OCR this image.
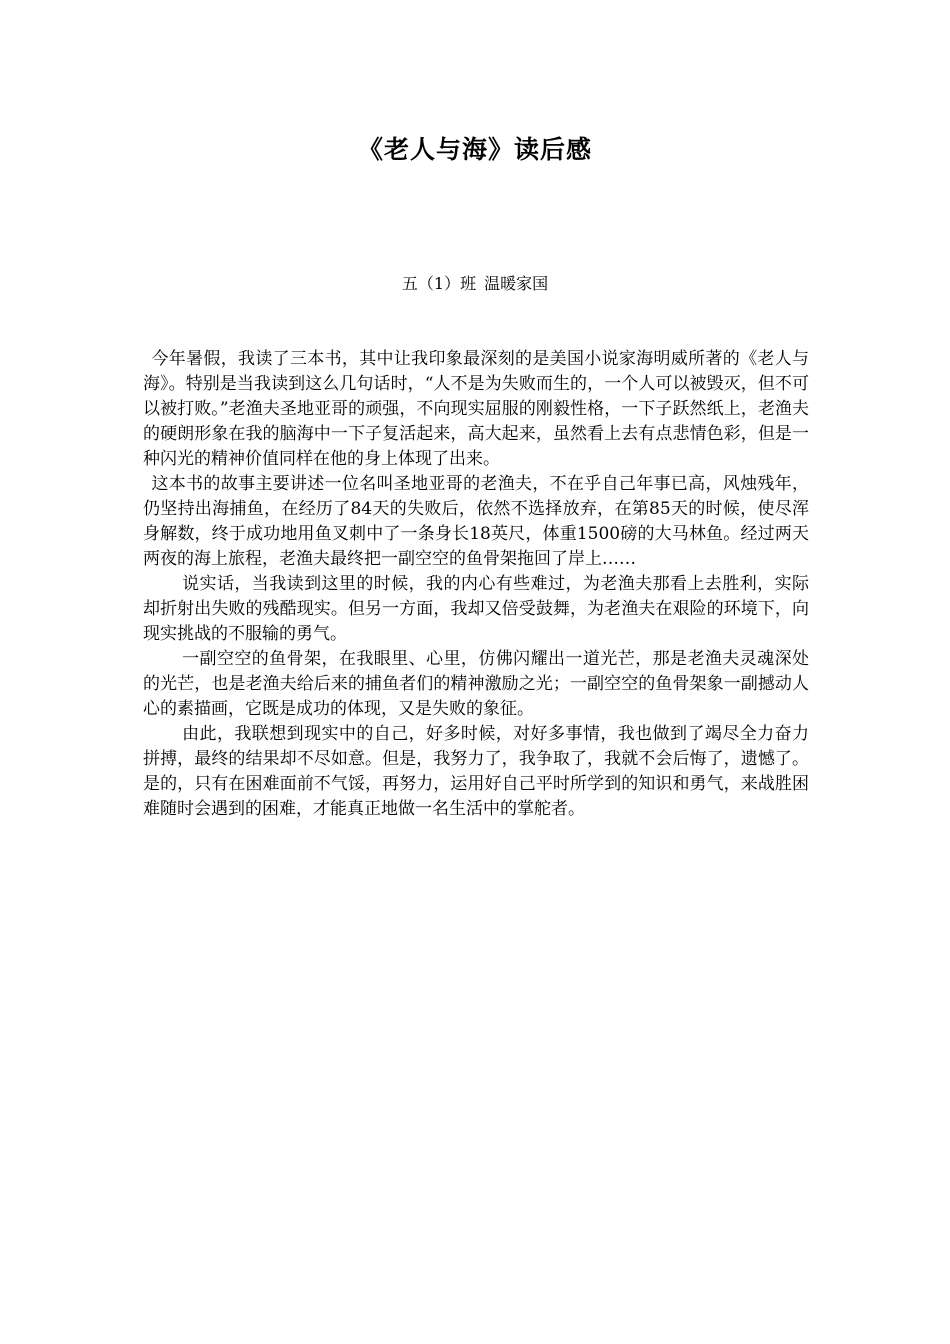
《老人与海》读后感
五（1）班 温暖家国

今年暑假，我读了三本书，其中让我印象最深刻的是美国小说家海明威所著的《老人与海》。特别是当我读到这么几句话时，“人不是为失败而生的，一个人可以被毁灭，但不可以被打败。”老渔夫圣地亚哥的顽强，不向现实屈服的刚毅性格，一下子跃然纸上，老渔夫的硬朗形象在我的脑海中一下子复活起来，高大起来，虽然看上去有点悲情色彩，但是一种闪光的精神价值同样在他的身上体现了出来。

这本书的故事主要讲述一位名叫圣地亚哥的老渔夫，不在乎自己年事已高，风烛残年，仍坚持出海捕鱼，在经历了84天的失败后，依然不选择放弃，在第85天的时候，使尽浑身解数，终于成功地用鱼叉刺中了一条身长18英尺，体重1500磅的大马林鱼。经过两天两夜的海上旅程，老渔夫最终把一副空空的鱼骨架拖回了岸上……

说实话，当我读到这里的时候，我的内心有些难过，为老渔夫那看上去胜利，实际却折射出失败的残酷现实。但另一方面，我却又倍受鼓舞，为老渔夫在艰险的环境下，向现实挑战的不服输的勇气。

一副空空的鱼骨架，在我眼里、心里，仿佛闪耀出一道光芒，那是老渔夫灵魂深处的光芒，也是老渔夫给后来的捕鱼者们的精神激励之光；一副空空的鱼骨架象一副撼动人心的素描画，它既是成功的体现，又是失败的象征。

由此，我联想到现实中的自己，好多时候，对好多事情，我也做到了竭尽全力奋力拼搏，最终的结果却不尽如意。但是，我努力了，我争取了，我就不会后悔了，遗憾了。是的，只有在困难面前不气馁，再努力，运用好自己平时所学到的知识和勇气，来战胜困难随时会遇到的困难，才能真正地做一名生活中的掌舵者。
